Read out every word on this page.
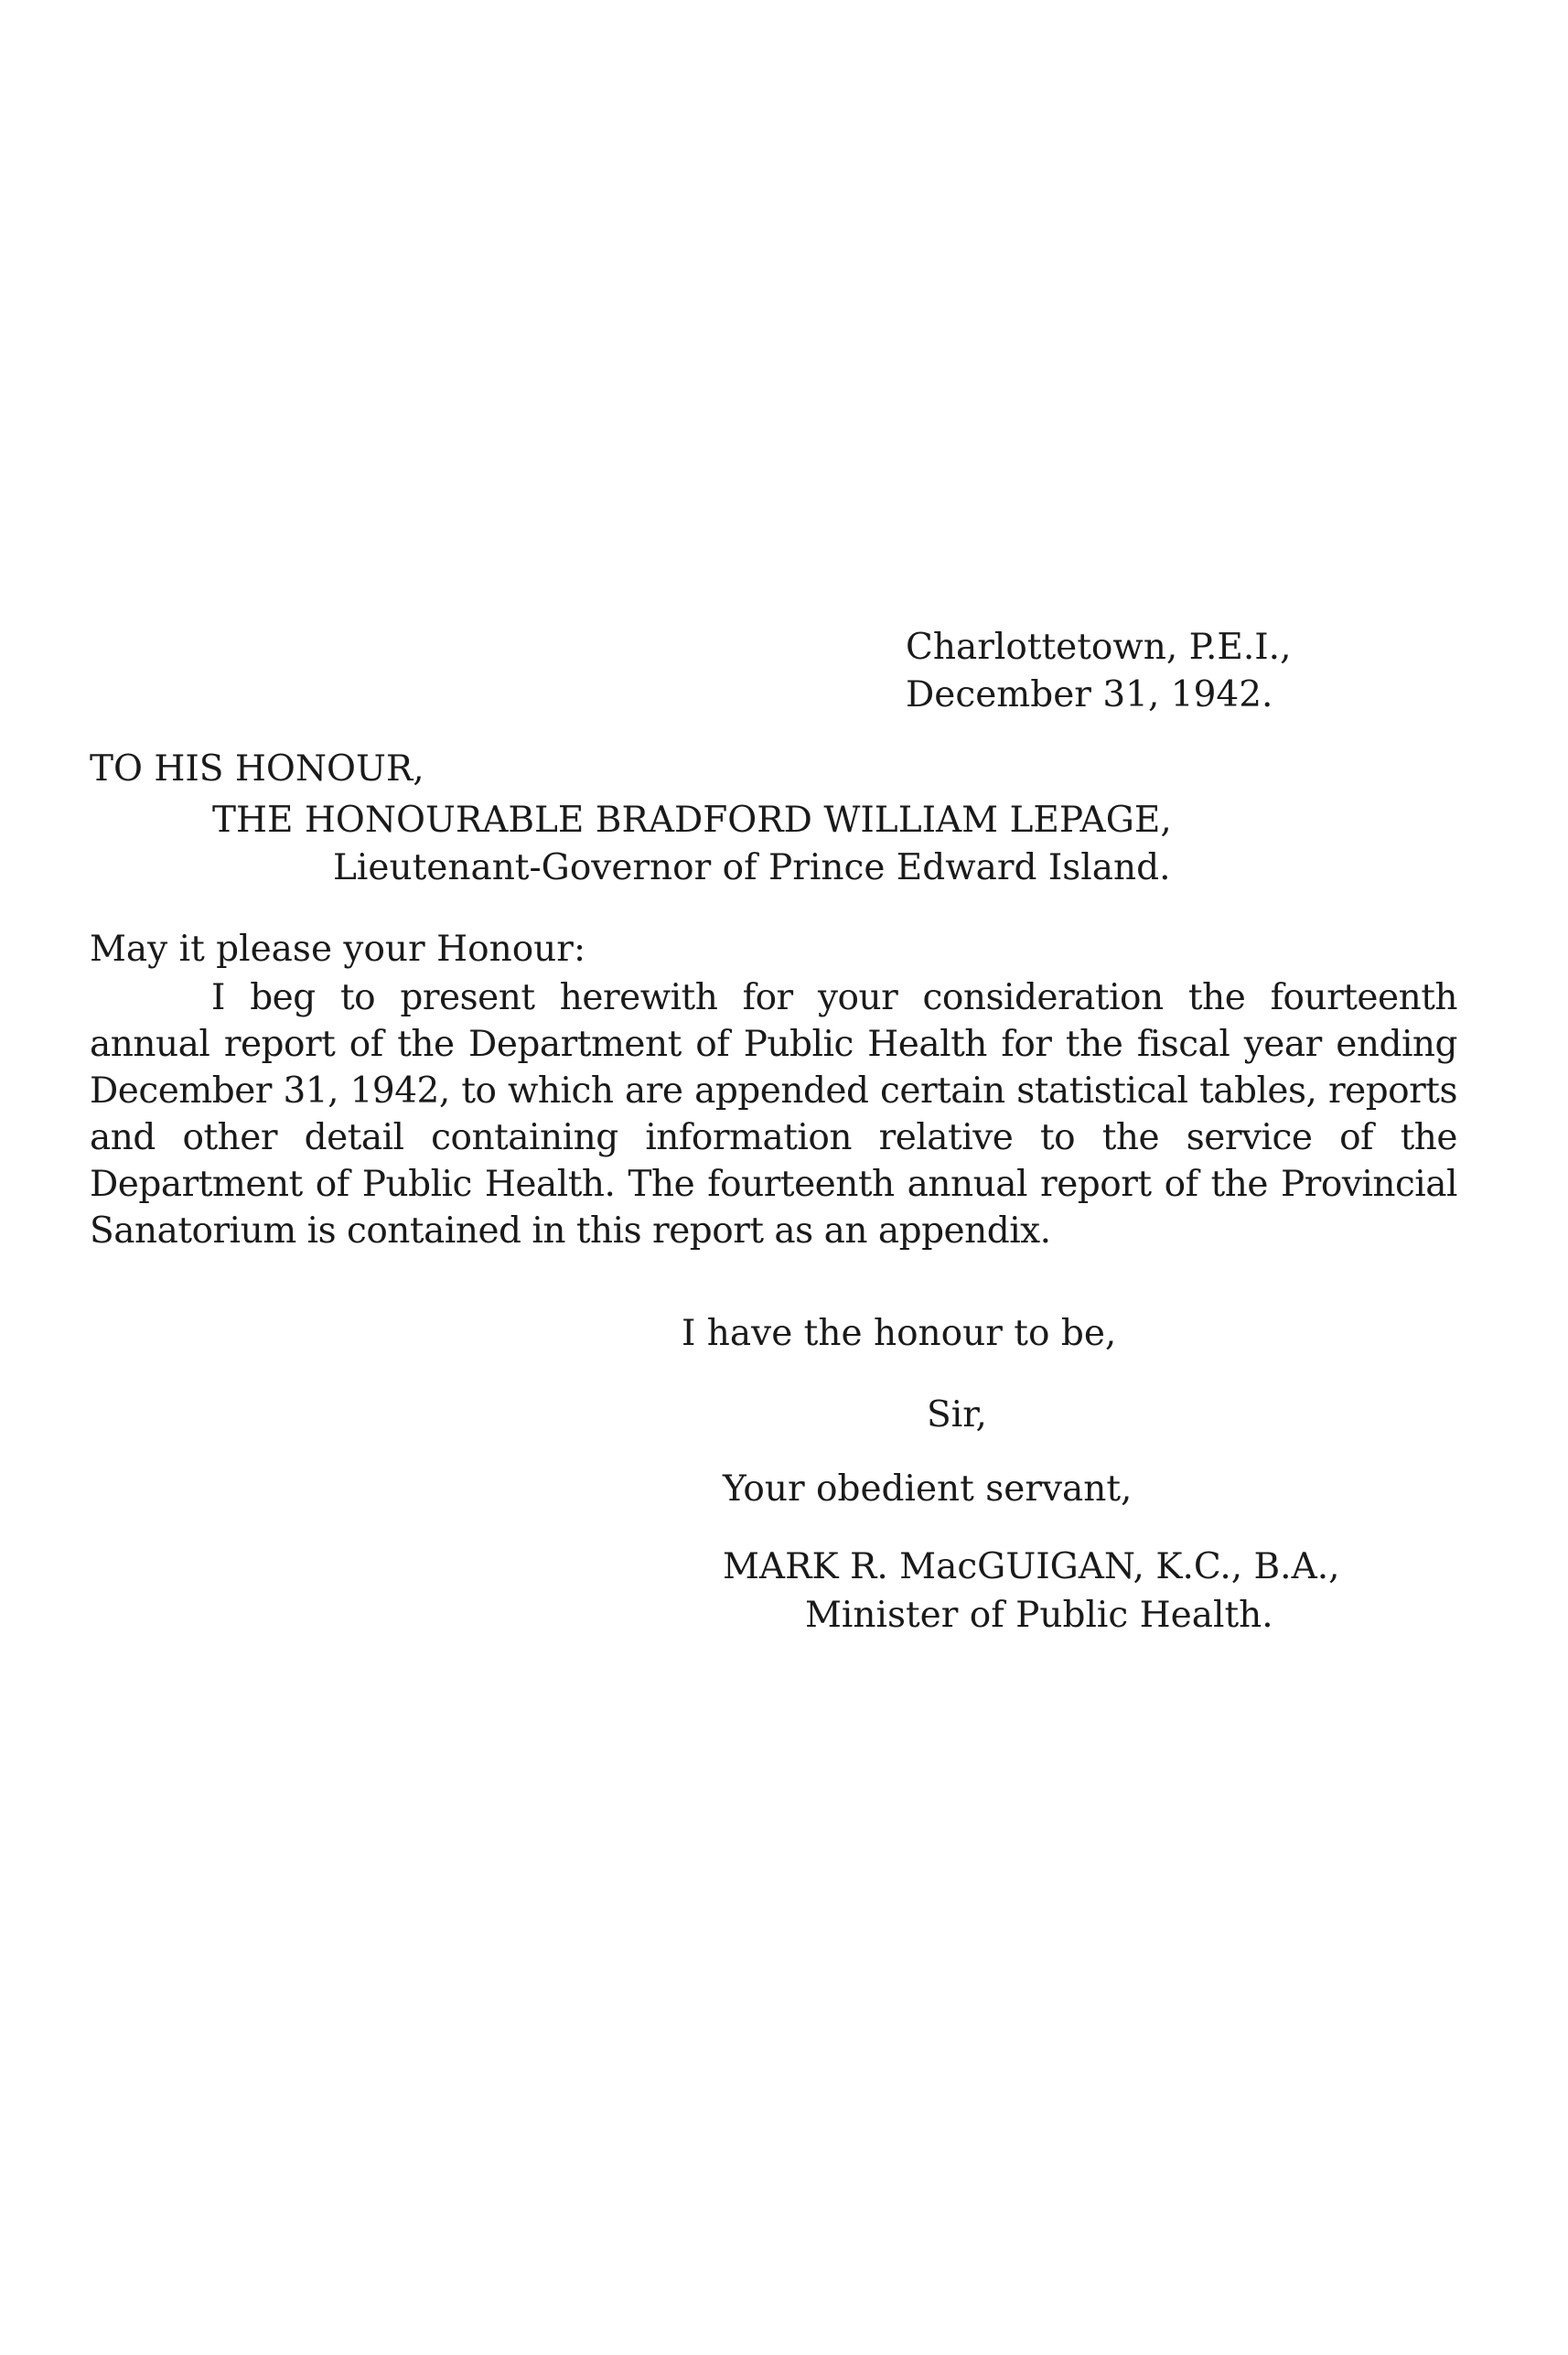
Charlottetown, P.E.I.,
December 31, 1942.
TO HIS HONOUR,
THE HONOURABLE BRADFORD WILLIAM LEPAGE,
Lieutenant-Governor of Prince Edward Island.
May it please your Honour:
I beg to present herewith for your consideration the fourteenth annual report of the Department of Public Health for the fiscal year ending December 31, 1942, to which are appended certain statistical tables, reports and other detail containing information relative to the service of the Department of Public Health. The fourteenth annual report of the Provincial Sanatorium is contained in this report as an appendix.
I have the honour to be,
Sir,
Your obedient servant,
MARK R. MacGUIGAN, K.C., B.A.,
Minister of Public Health.
